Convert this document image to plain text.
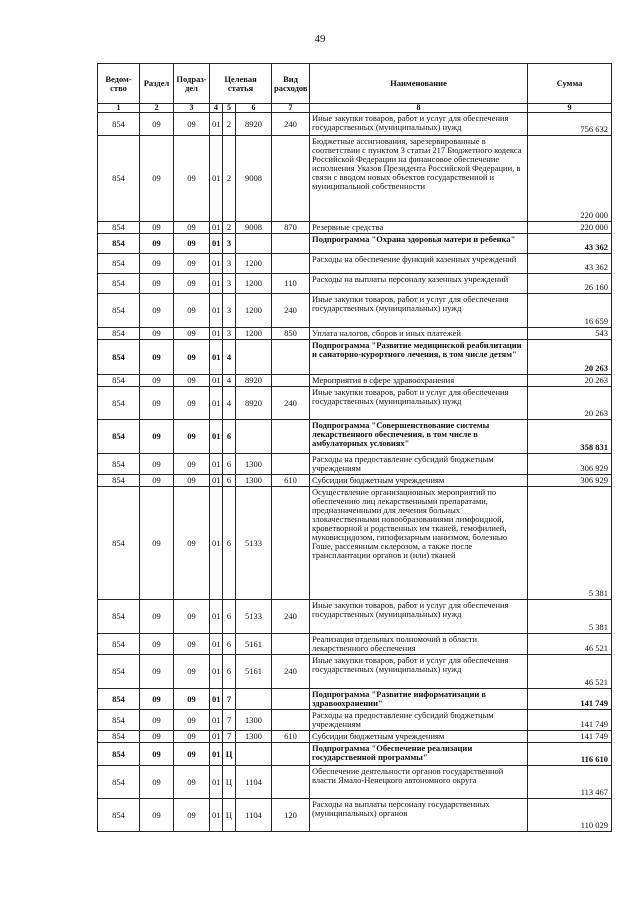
49
Ведом-ство	Раздел	Подраз-дел	Целевая статья			Вид расходов	Наименование	Сумма
1	2	3	4	5	6	7	8	9
854	09	09	01	2	8920	240	Иные закупки товаров, работ и услуг для обеспечения государственных (муниципальных) нужд	756 632
854	09	09	01	2	9008		Бюджетные ассигнования, зарезервированные в соответствии с пунктом 3 статьи 217 Бюджетного кодекса Российской Федерации на финансовое обеспечение исполнения Указов Президента Российской Федерации, в связи с вводом новых объектов государственной и муниципальной собственности	220 000
854	09	09	01	2	9008	870	Резервные средства	220 000
854	09	09	01	3			Подпрограмма "Охрана здоровья матери и ребенка"	43 362
854	09	09	01	3	1200		Расходы на обеспечение функций казенных учреждений	43 362
854	09	09	01	3	1200	110	Расходы на выплаты персоналу казенных учреждений	26 160
854	09	09	01	3	1200	240	Иные закупки товаров, работ и услуг для обеспечения государственных (муниципальных) нужд	16 659
854	09	09	01	3	1200	850	Уплата налогов, сборов и иных платежей	543
854	09	09	01	4			Подпрограмма "Развитие медицинской реабилитации и санаторно-курортного лечения, в том числе детям"	20 263
854	09	09	01	4	8920		Мероприятия в сфере здравоохранения	20 263
854	09	09	01	4	8920	240	Иные закупки товаров, работ и услуг для обеспечения государственных (муниципальных) нужд	20 263
854	09	09	01	6			Подпрограмма "Совершенствование системы лекарственного обеспечения, в том числе в амбулаторных условиях"	358 831
854	09	09	01	6	1300		Расходы на предоставление субсидий бюджетным учреждениям	306 929
854	09	09	01	6	1300	610	Субсидии бюджетным учреждениям	306 929
854	09	09	01	6	5133		Осуществление организационных мероприятий по обеспечению лиц лекарственными препаратами, предназначенными для лечения больных злокачественными новообразованиями лимфоидной, кроветворной и родственных им тканей, гемофилией, муковисцидозом, гипофизарным нанизмом, болезнью Гоше, рассеянным склерозом, а также после трансплантации органов и (или) тканей	5 381
854	09	09	01	6	5133	240	Иные закупки товаров, работ и услуг для обеспечения государственных (муниципальных) нужд	5 381
854	09	09	01	6	5161		Реализация отдельных полномочий в области лекарственного обеспечения	46 521
854	09	09	01	6	5161	240	Иные закупки товаров, работ и услуг для обеспечения государственных (муниципальных) нужд	46 521
854	09	09	01	7			Подпрограмма "Развитие информатизации в здравоохранении"	141 749
854	09	09	01	7	1300		Расходы на предоставление субсидий бюджетным учреждениям	141 749
854	09	09	01	7	1300	610	Субсидии бюджетным учреждениям	141 749
854	09	09	01	Ц			Подпрограмма "Обеспечение реализации государственной программы"	116 610
854	09	09	01	Ц	1104		Обеспечение деятельности органов государственной власти Ямало-Ненецкого автономного округа	113 467
854	09	09	01	Ц	1104	120	Расходы на выплаты персоналу государственных (муниципальных) органов	110 029
